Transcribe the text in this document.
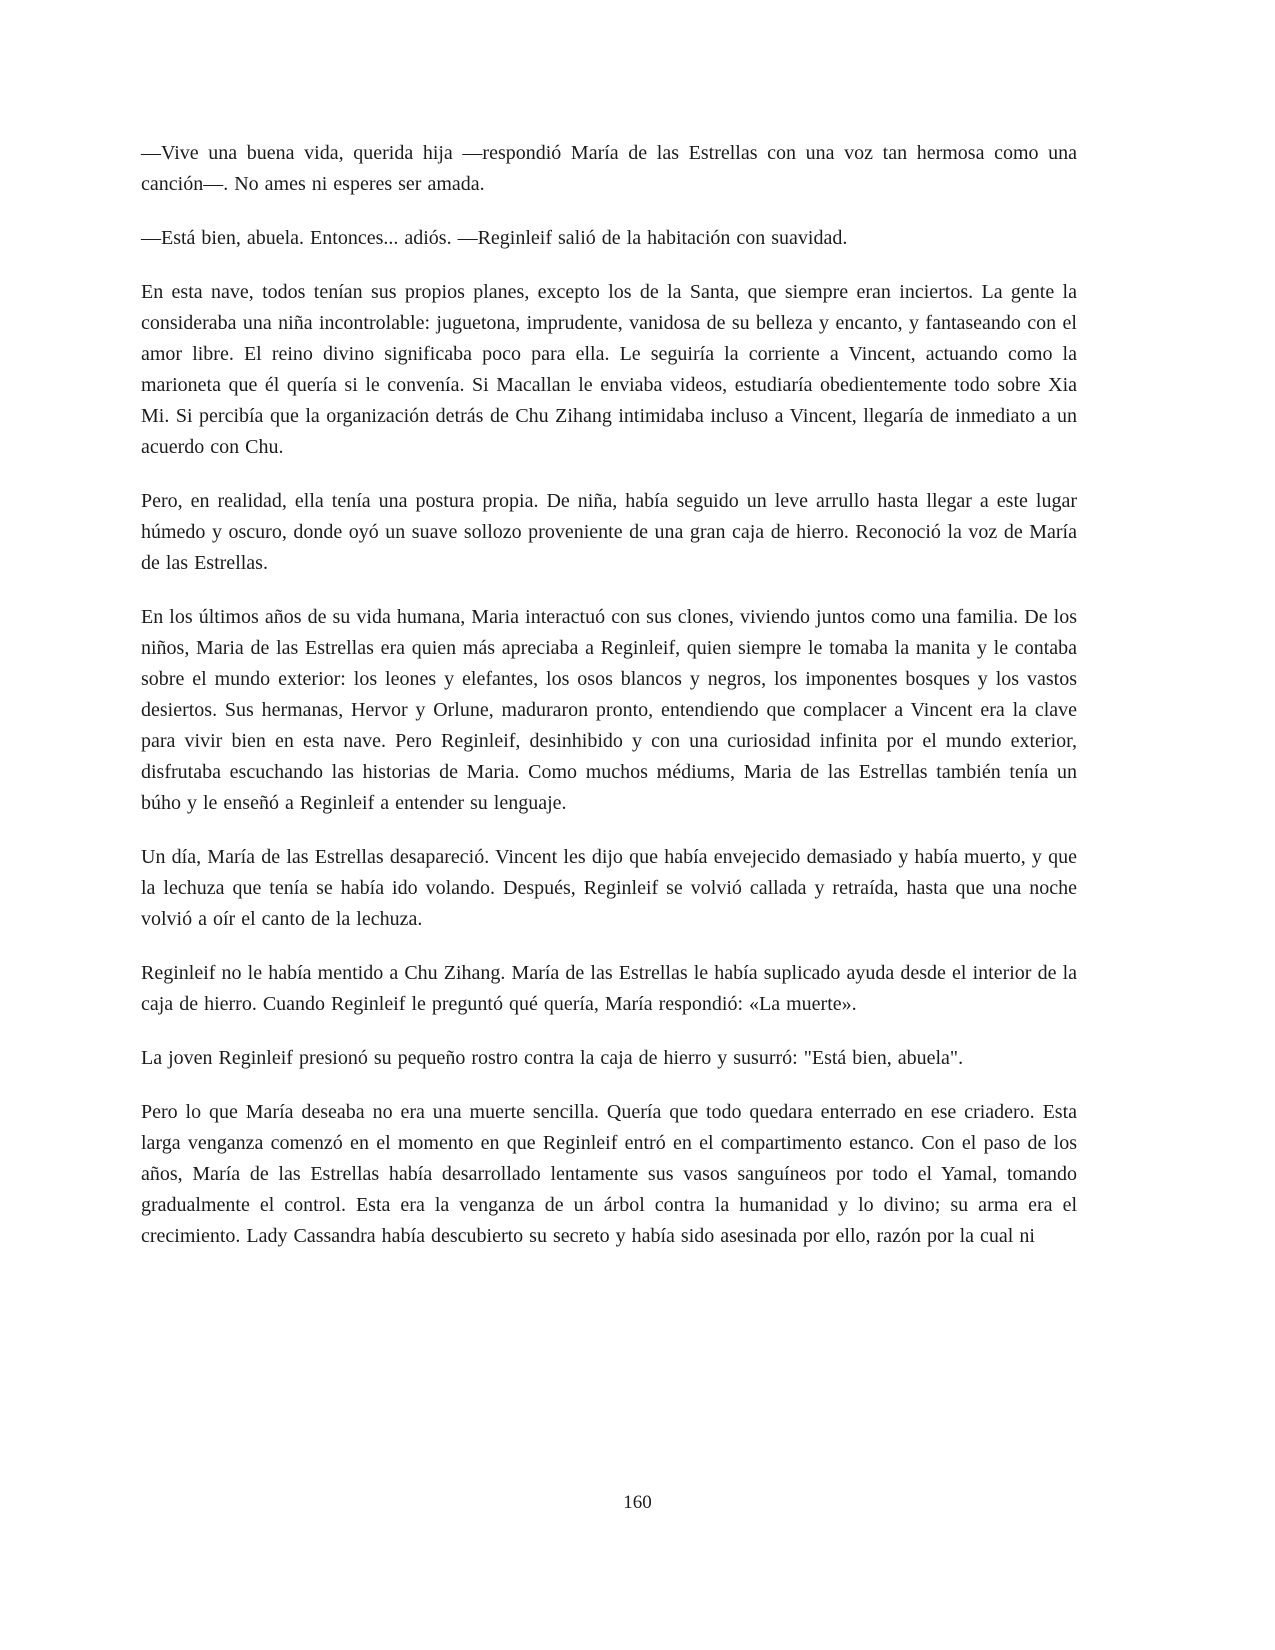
—Vive una buena vida, querida hija —respondió María de las Estrellas con una voz tan hermosa como una canción—. No ames ni esperes ser amada.

—Está bien, abuela. Entonces... adiós. —Reginleif salió de la habitación con suavidad.

En esta nave, todos tenían sus propios planes, excepto los de la Santa, que siempre eran inciertos. La gente la consideraba una niña incontrolable: juguetona, imprudente, vanidosa de su belleza y encanto, y fantaseando con el amor libre. El reino divino significaba poco para ella. Le seguiría la corriente a Vincent, actuando como la marioneta que él quería si le convenía. Si Macallan le enviaba videos, estudiaría obedientemente todo sobre Xia Mi. Si percibía que la organización detrás de Chu Zihang intimidaba incluso a Vincent, llegaría de inmediato a un acuerdo con Chu.

Pero, en realidad, ella tenía una postura propia. De niña, había seguido un leve arrullo hasta llegar a este lugar húmedo y oscuro, donde oyó un suave sollozo proveniente de una gran caja de hierro. Reconoció la voz de María de las Estrellas.

En los últimos años de su vida humana, Maria interactuó con sus clones, viviendo juntos como una familia. De los niños, Maria de las Estrellas era quien más apreciaba a Reginleif, quien siempre le tomaba la manita y le contaba sobre el mundo exterior: los leones y elefantes, los osos blancos y negros, los imponentes bosques y los vastos desiertos. Sus hermanas, Hervor y Orlune, maduraron pronto, entendiendo que complacer a Vincent era la clave para vivir bien en esta nave. Pero Reginleif, desinhibido y con una curiosidad infinita por el mundo exterior, disfrutaba escuchando las historias de Maria. Como muchos médiums, Maria de las Estrellas también tenía un búho y le enseñó a Reginleif a entender su lenguaje.

Un día, María de las Estrellas desapareció. Vincent les dijo que había envejecido demasiado y había muerto, y que la lechuza que tenía se había ido volando. Después, Reginleif se volvió callada y retraída, hasta que una noche volvió a oír el canto de la lechuza.

Reginleif no le había mentido a Chu Zihang. María de las Estrellas le había suplicado ayuda desde el interior de la caja de hierro. Cuando Reginleif le preguntó qué quería, María respondió: «La muerte».

La joven Reginleif presionó su pequeño rostro contra la caja de hierro y susurró: "Está bien, abuela".

Pero lo que María deseaba no era una muerte sencilla. Quería que todo quedara enterrado en ese criadero. Esta larga venganza comenzó en el momento en que Reginleif entró en el compartimento estanco. Con el paso de los años, María de las Estrellas había desarrollado lentamente sus vasos sanguíneos por todo el Yamal, tomando gradualmente el control. Esta era la venganza de un árbol contra la humanidad y lo divino; su arma era el crecimiento. Lady Cassandra había descubierto su secreto y había sido asesinada por ello, razón por la cual ni

160
